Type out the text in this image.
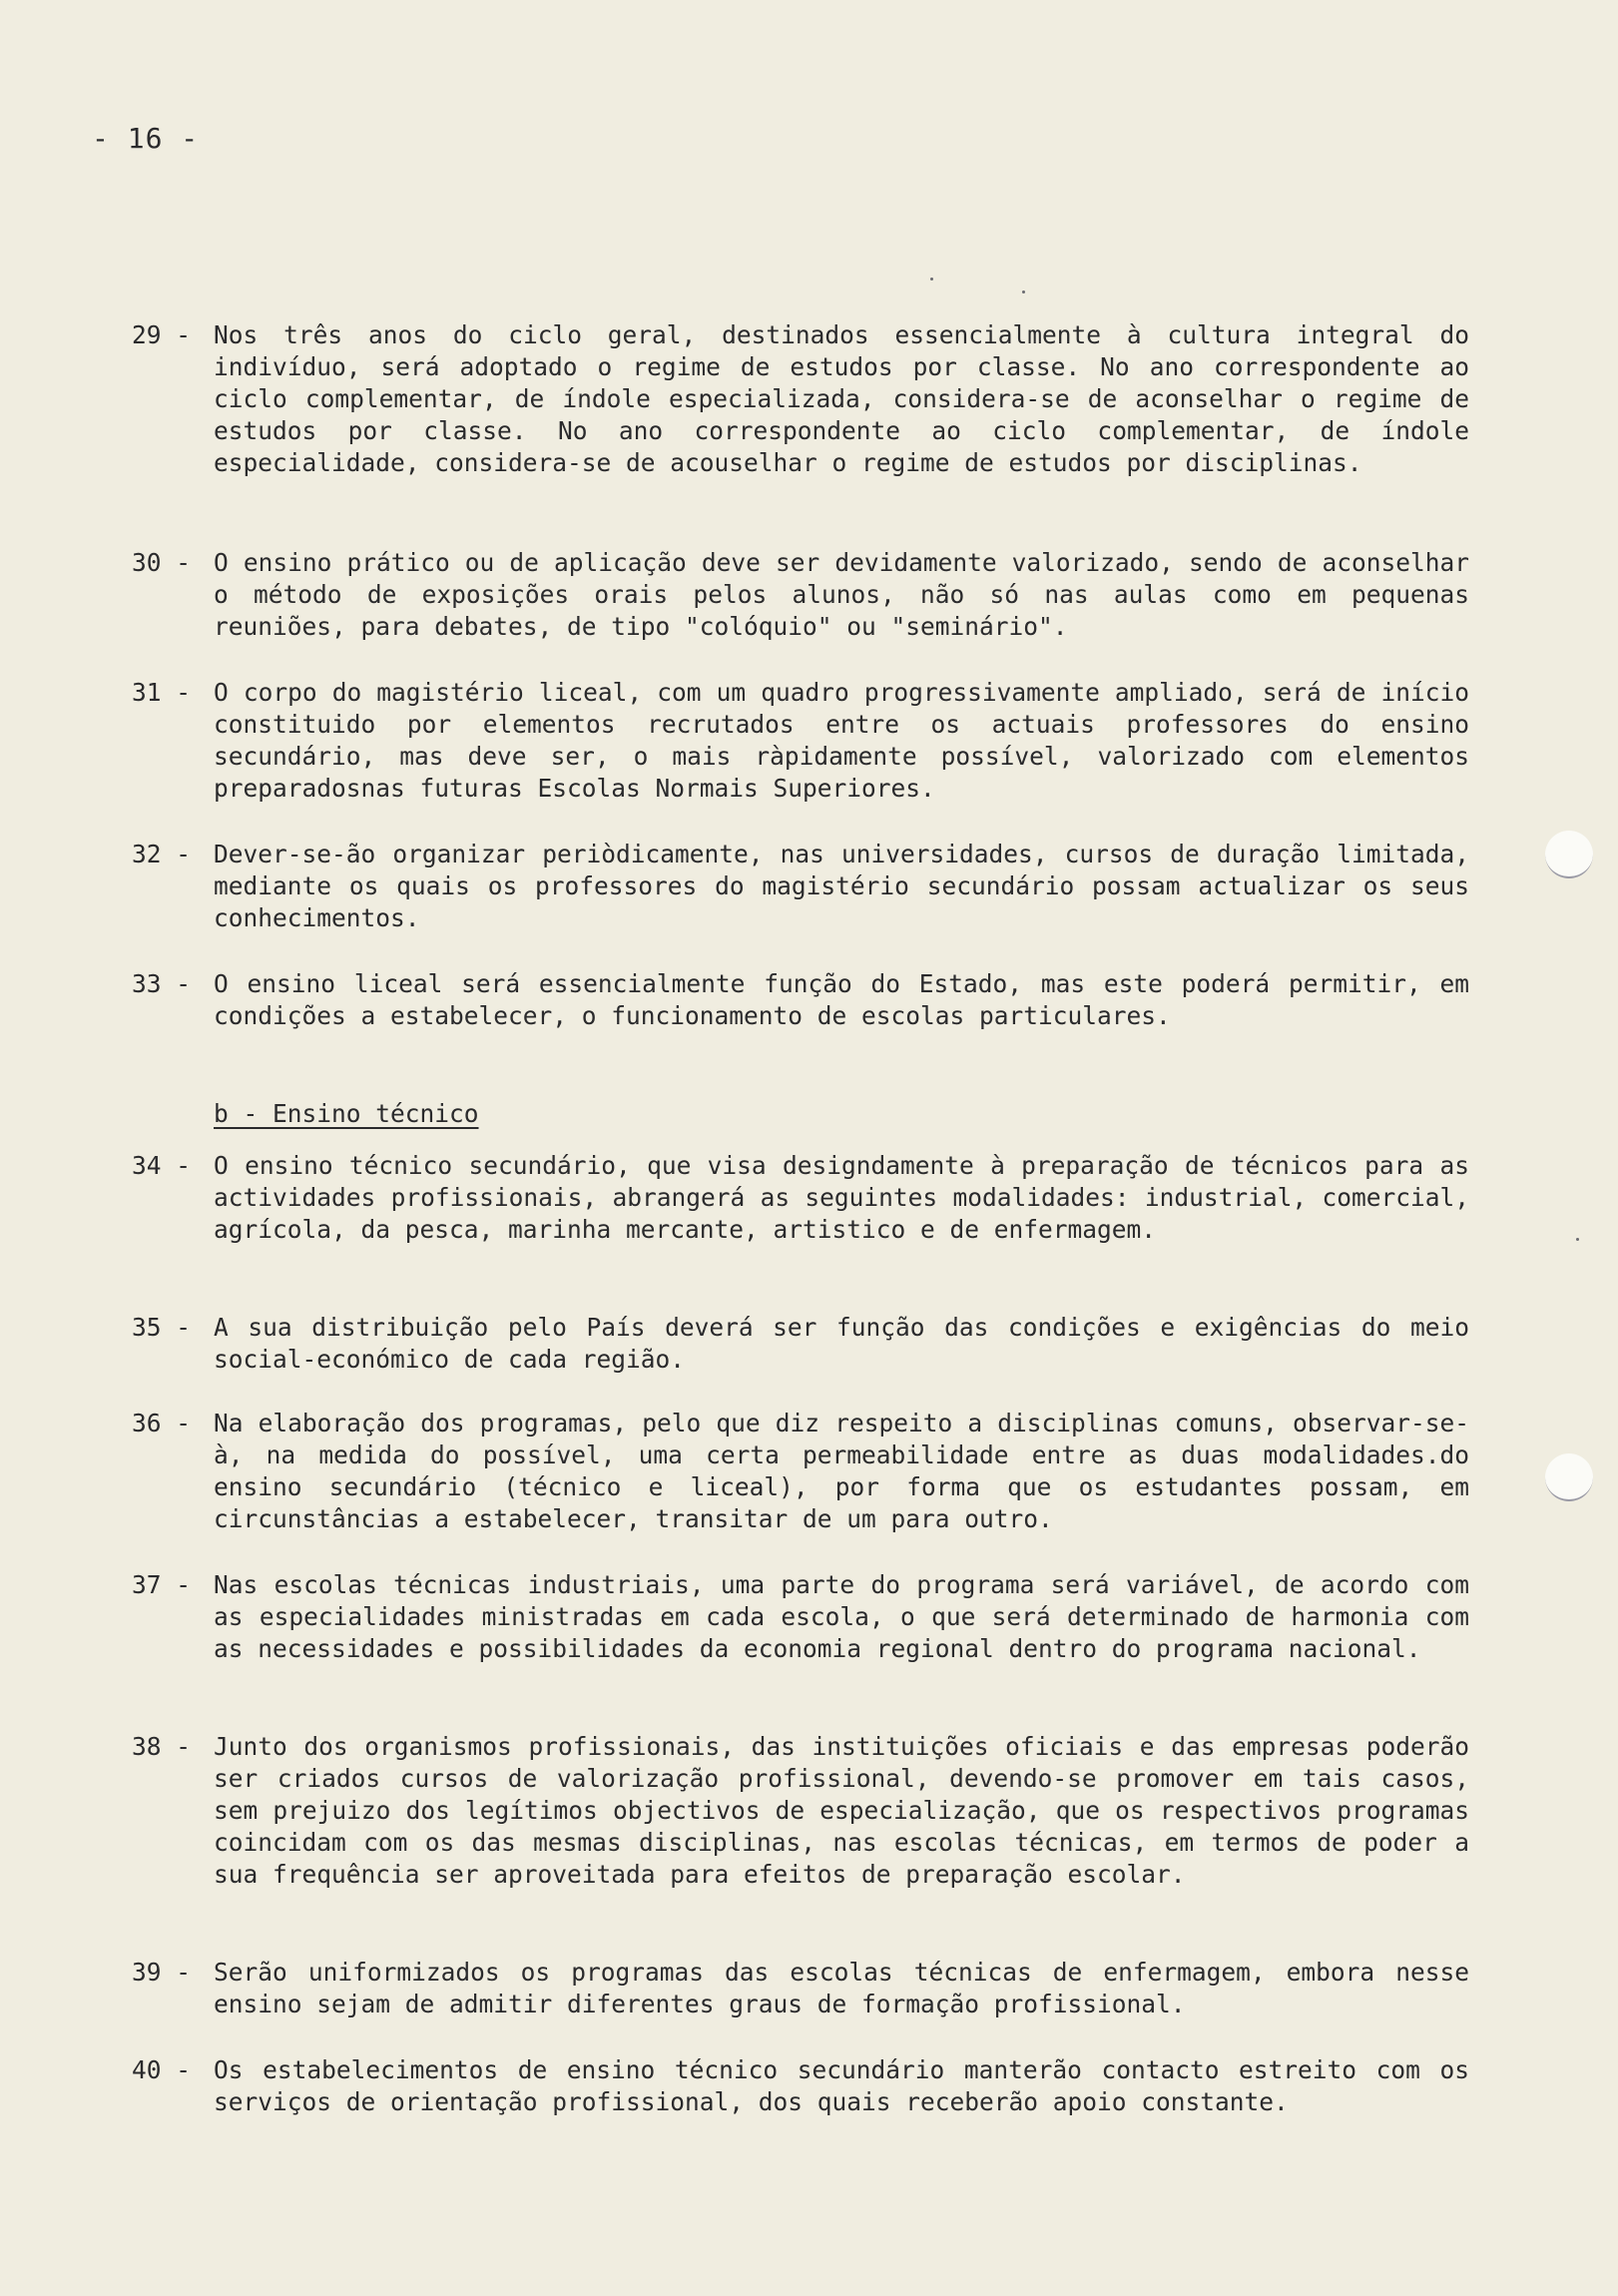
- 16 -
29 - Nos três anos do ciclo geral, destinados essencialmente à cultura integral do indivíduo, será adoptado o regime de estudos por classe. No ano correspondente ao ciclo complementar, de índole especializada, considera-se de aconselhar o regime de estudos por classe. No ano correspondente ao ciclo complementar, de índole especialidade, considera-se de acouselhar o regime de estudos por disciplinas.
30 - O ensino prático ou de aplicação deve ser devidamente valorizado, sendo de aconselhar o método de exposições orais pelos alunos, não só nas aulas como em pequenas reuniões, para debates, de tipo "colóquio" ou "seminário".
31 - O corpo do magistério liceal, com um quadro progressivamente ampliado, será de início constituido por elementos recrutados entre os actuais professores do ensino secundário, mas deve ser, o mais ràpidamente possível, valorizado com elementos preparadosnas futuras Escolas Normais Superiores.
32 - Dever-se-ão organizar periòdicamente, nas universidades, cursos de duração limitada, mediante os quais os professores do magistério secundário possam actualizar os seus conhecimentos.
33 - O ensino liceal será essencialmente função do Estado, mas este poderá permitir, em condições a estabelecer, o funcionamento de escolas particulares.
b - Ensino técnico
34 - O ensino técnico secundário, que visa designdamente à preparação de técnicos para as actividades profissionais, abrangerá as seguintes modalidades: industrial, comercial, agrícola, da pesca, marinha mercante, artistico e de enfermagem.
35 - A sua distribuição pelo País deverá ser função das condições e exigências do meio social-económico de cada região.
36 - Na elaboração dos programas, pelo que diz respeito a disciplinas comuns, observar-se-à, na medida do possível, uma certa permeabilidade entre as duas modalidades.do ensino secundário (técnico e liceal), por forma que os estudantes possam, em circunstâncias a estabelecer, transitar de um para outro.
37 - Nas escolas técnicas industriais, uma parte do programa será variável, de acordo com as especialidades ministradas em cada escola, o que será determinado de harmonia com as necessidades e possibilidades da economia regional dentro do programa nacional.
38 - Junto dos organismos profissionais, das instituições oficiais e das empresas poderão ser criados cursos de valorização profissional, devendo-se promover em tais casos, sem prejuizo dos legítimos objectivos de especialização, que os respectivos programas coincidam com os das mesmas disciplinas, nas escolas técnicas, em termos de poder a sua frequência ser aproveitada para efeitos de preparação escolar.
39 - Serão uniformizados os programas das escolas técnicas de enfermagem, embora nesse ensino sejam de admitir diferentes graus de formação profissional.
40 - Os estabelecimentos de ensino técnico secundário manterão contacto estreito com os serviços de orientação profissional, dos quais receberão apoio constante.
